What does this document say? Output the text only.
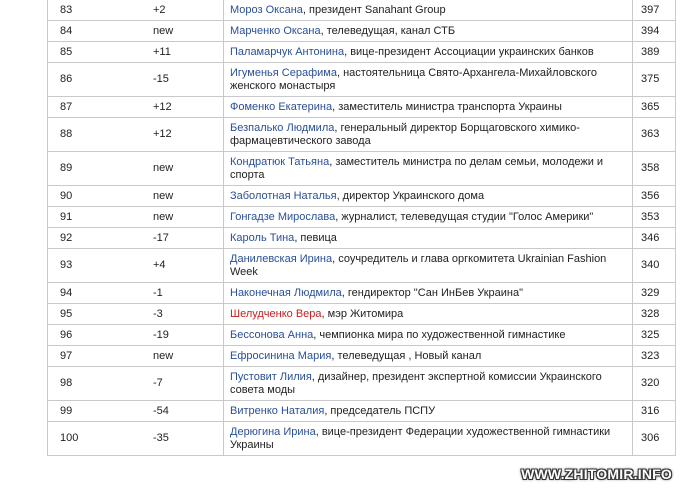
83	+2	Мороз Оксана, президент Sanahant Group	397
84	new	Марченко Оксана, телеведущая, канал СТБ	394
85	+11	Паламарчук Антонина, вице-президент Ассоциации украинских банков	389
86	-15	Игуменья Серафима, настоятельница Свято-Архангела-Михайловского женского монастыря	375
87	+12	Фоменко Екатерина, заместитель министра транспорта Украины	365
88	+12	Безпалько Людмила, генеральный директор Борщаговского химико-фармацевтического завода	363
89	new	Кондратюк Татьяна, заместитель министра по делам семьи, молодежи и спорта	358
90	new	Заболотная Наталья, директор Украинского дома	356
91	new	Гонгадзе Мирослава, журналист, телеведущая студии "Голос Америки"	353
92	-17	Кароль Тина, певица	346
93	+4	Данилевская Ирина, соучредитель и глава оргкомитета Ukrainian Fashion Week	340
94	-1	Наконечная Людмила, гендиректор "Сан ИнБев Украина"	329
95	-3	Шелудченко Вера, мэр Житомира	328
96	-19	Бессонова Анна, чемпионка мира по художественной гимнастике	325
97	new	Ефросинина Мария, телеведущая , Новый канал	323
98	-7	Пустовит Лилия, дизайнер, президент экспертной комиссии Украинского совета моды	320
99	-54	Витренко Наталия, председатель ПСПУ	316
100	-35	Дерюгина Ирина, вице-президент Федерации художественной гимнастики Украины	306
WWW.ZHITOMIR.INFO
